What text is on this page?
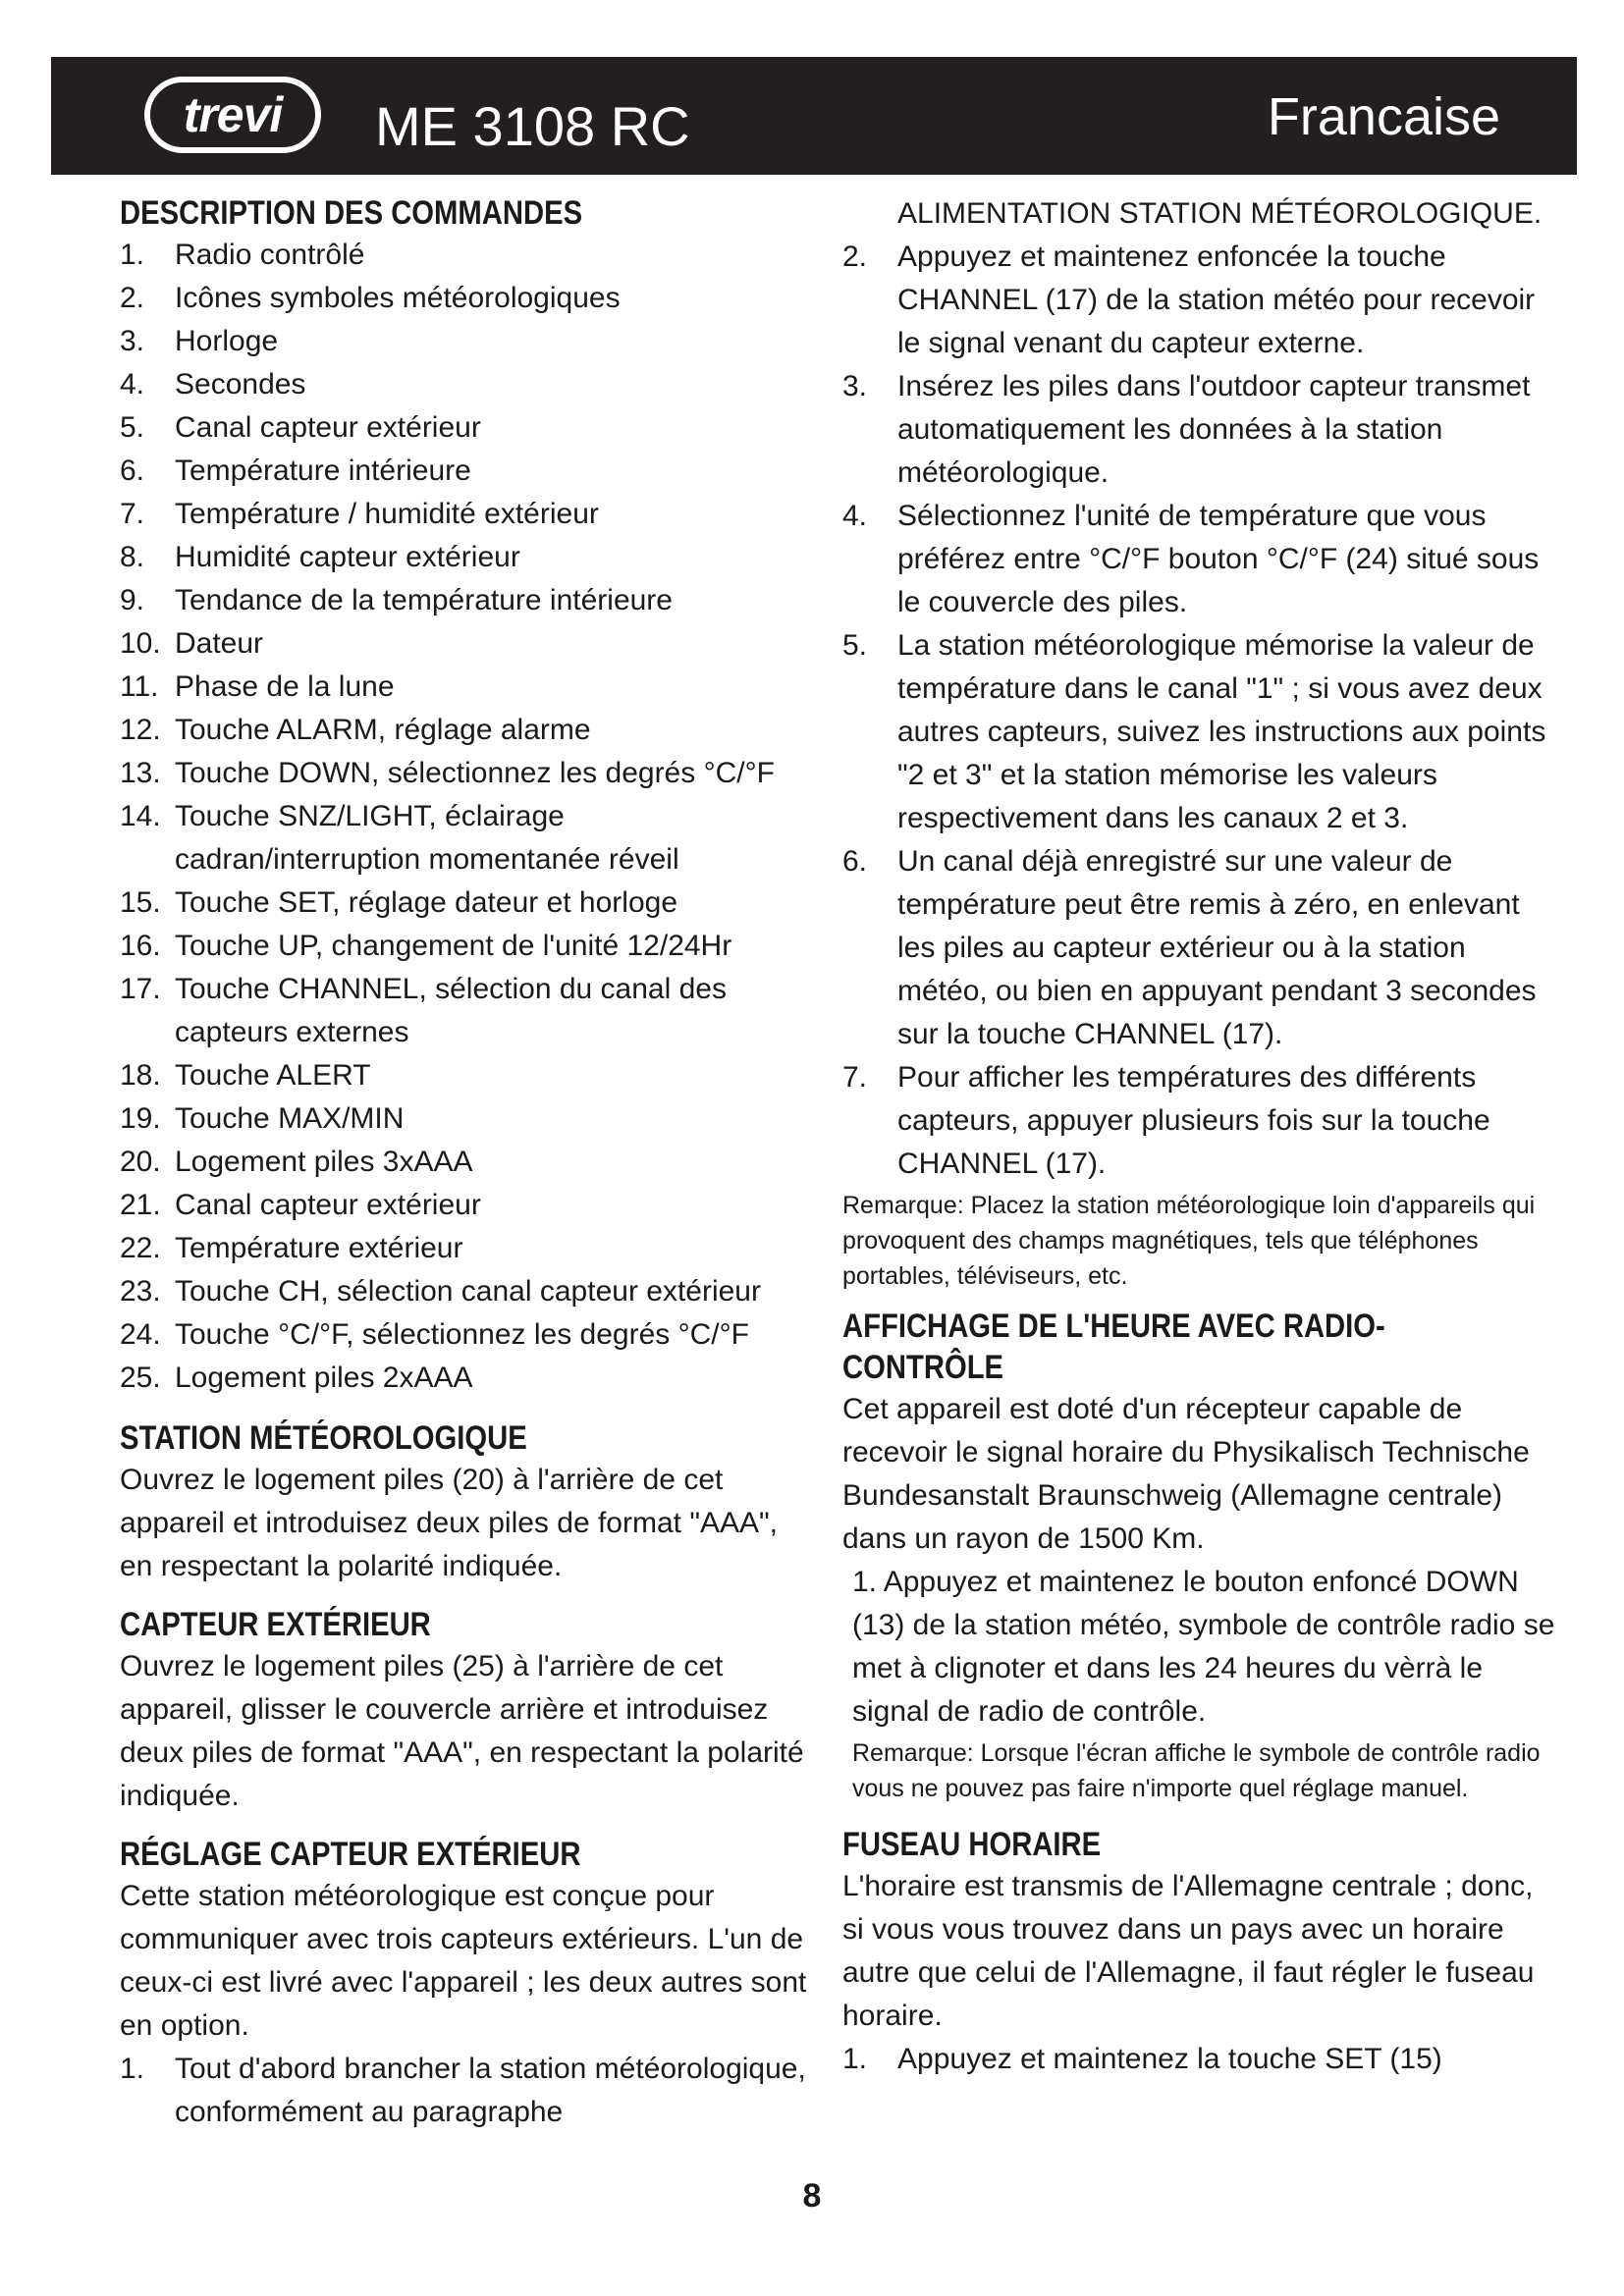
trevi	ME 3108 RC	Francaise
DESCRIPTION DES COMMANDES
1.	Radio contrôlé
2.	Icônes symboles météorologiques
3.	Horloge
4.	Secondes
5.	Canal capteur extérieur
6.	Température intérieure
7.	Température / humidité extérieur
8.	Humidité capteur extérieur
9.	Tendance de la température intérieure
10. Dateur
11. Phase de la lune
12. Touche ALARM, réglage alarme
13. Touche DOWN, sélectionnez les degrés °C/°F
14. Touche SNZ/LIGHT, éclairage cadran/interruption momentanée réveil
15. Touche SET, réglage dateur et horloge
16. Touche UP, changement de l'unité 12/24Hr
17. Touche CHANNEL, sélection du canal des capteurs externes
18. Touche ALERT
19. Touche MAX/MIN
20. Logement piles 3xAAA
21. Canal capteur extérieur
22. Température extérieur
23. Touche CH, sélection canal capteur extérieur
24. Touche °C/°F, sélectionnez les degrés °C/°F
25. Logement piles 2xAAA
STATION MÉTÉOROLOGIQUE

Ouvrez le logement piles (20) à l'arrière de cet appareil et introduisez deux piles de format "AAA", en respectant la polarité indiquée.

CAPTEUR EXTÉRIEUR

Ouvrez le logement piles (25) à l'arrière de cet appareil, glisser le couvercle arrière et introduisez deux piles de format "AAA", en respectant la polarité indiquée.

RÉGLAGE CAPTEUR EXTÉRIEUR

Cette station météorologique est conçue pour communiquer avec trois capteurs extérieurs. L'un de ceux-ci est livré avec l'appareil ; les deux autres sont en option.

1.	Tout d'abord brancher la station météorologique, conformément au paragraphe

ALIMENTATION STATION MÉTÉOROLOGIQUE.

2.	Appuyez et maintenez enfoncée la touche CHANNEL (17) de la station météo pour recevoir le signal venant du capteur externe.
3.	Insérez les piles dans l'outdoor capteur transmet automatiquement les données à la station météorologique.
4.	Sélectionnez l'unité de température que vous préférez entre °C/°F bouton °C/°F (24) situé sous le couvercle des piles.
5.	La station météorologique mémorise la valeur de température dans le canal "1" ; si vous avez deux autres capteurs, suivez les instructions aux points "2 et 3" et la station mémorise les valeurs respectivement dans les canaux 2 et 3.
6.	Un canal déjà enregistré sur une valeur de température peut être remis à zéro, en enlevant les piles au capteur extérieur ou à la station météo, ou bien en appuyant pendant 3 secondes sur la touche CHANNEL (17).
7.	Pour afficher les températures des différents capteurs, appuyer plusieurs fois sur la touche CHANNEL (17).

Remarque: Placez la station météorologique loin d'appareils qui provoquent des champs magnétiques, tels que téléphones portables, téléviseurs, etc.

AFFICHAGE DE L'HEURE AVEC RADIO-
CONTRÔLE

Cet appareil est doté d'un récepteur capable de recevoir le signal horaire du Physikalisch Technische Bundesanstalt Braunschweig (Allemagne centrale) dans un rayon de 1500 Km.

1. Appuyez et maintenez le bouton enfoncé DOWN (13) de la station météo, symbole de contrôle radio se met à clignoter et dans les 24 heures du vèrrà le signal de radio de contrôle.

Remarque: Lorsque l'écran affiche le symbole de contrôle radio vous ne pouvez pas faire n'importe quel réglage manuel.

FUSEAU HORAIRE

L'horaire est transmis de l'Allemagne centrale ; donc, si vous vous trouvez dans un pays avec un horaire autre que celui de l'Allemagne, il faut régler le fuseau horaire.

1.	Appuyez et maintenez la touche SET (15)
8
